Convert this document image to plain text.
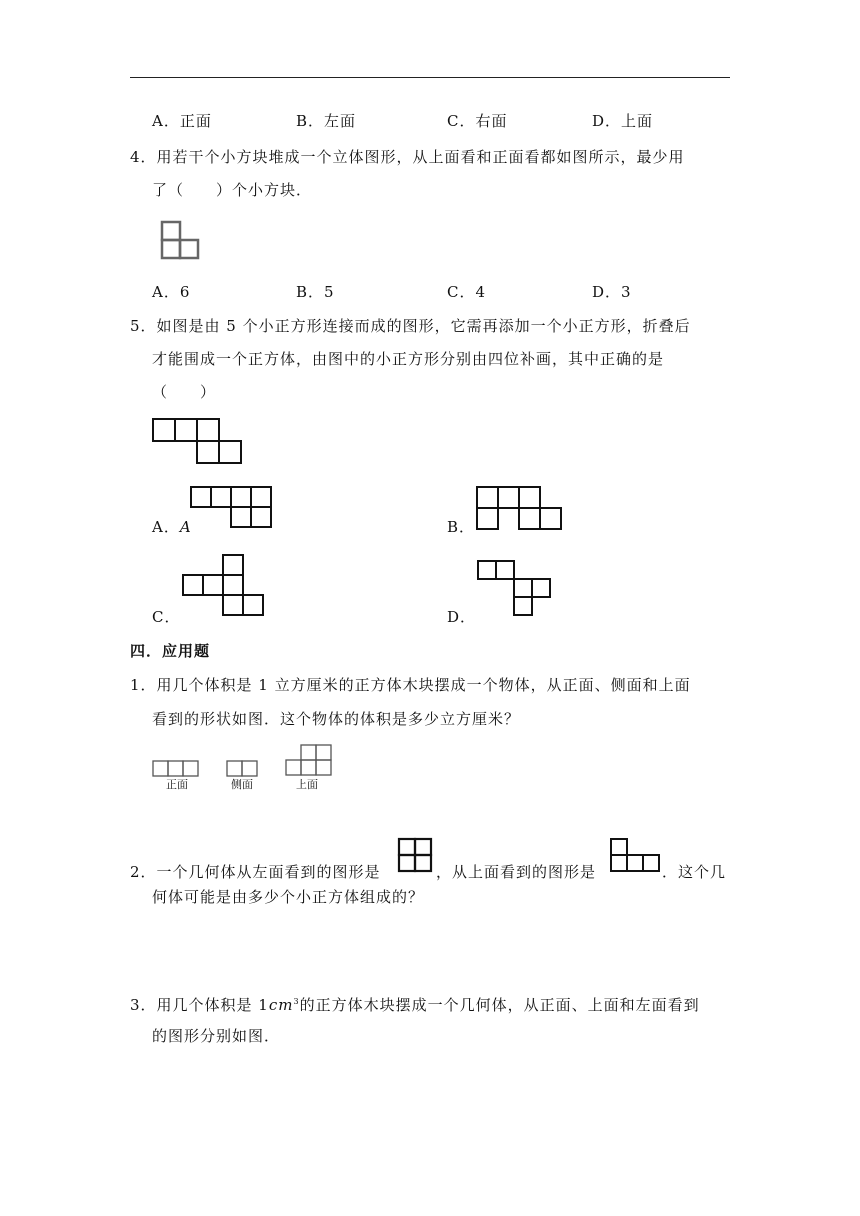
A．正面	B．左面	C．右面	D．上面
4．用若干个小方块堆成一个立体图形，从上面看和正面看都如图所示，最少用
了（　　）个小方块．
A．6	B．5	C．4	D．3
5．如图是由 5 个小正方形连接而成的图形，它需再添加一个小正方形，折叠后
才能围成一个正方体，由图中的小正方形分别由四位补画，其中正确的是
（　　）
A．A	B．
C．	D．
四．应用题
1．用几个体积是 1 立方厘米的正方体木块摆成一个物体，从正面、侧面和上面
看到的形状如图．这个物体的体积是多少立方厘米？
正面	侧面	上面
2．一个几何体从左面看到的图形是	，从上面看到的图形是	．这个几
何体可能是由多少个小正方体组成的？
3．用几个体积是 $1cm^3$的正方体木块摆成一个几何体，从正面、上面和左面看到
的图形分别如图．
